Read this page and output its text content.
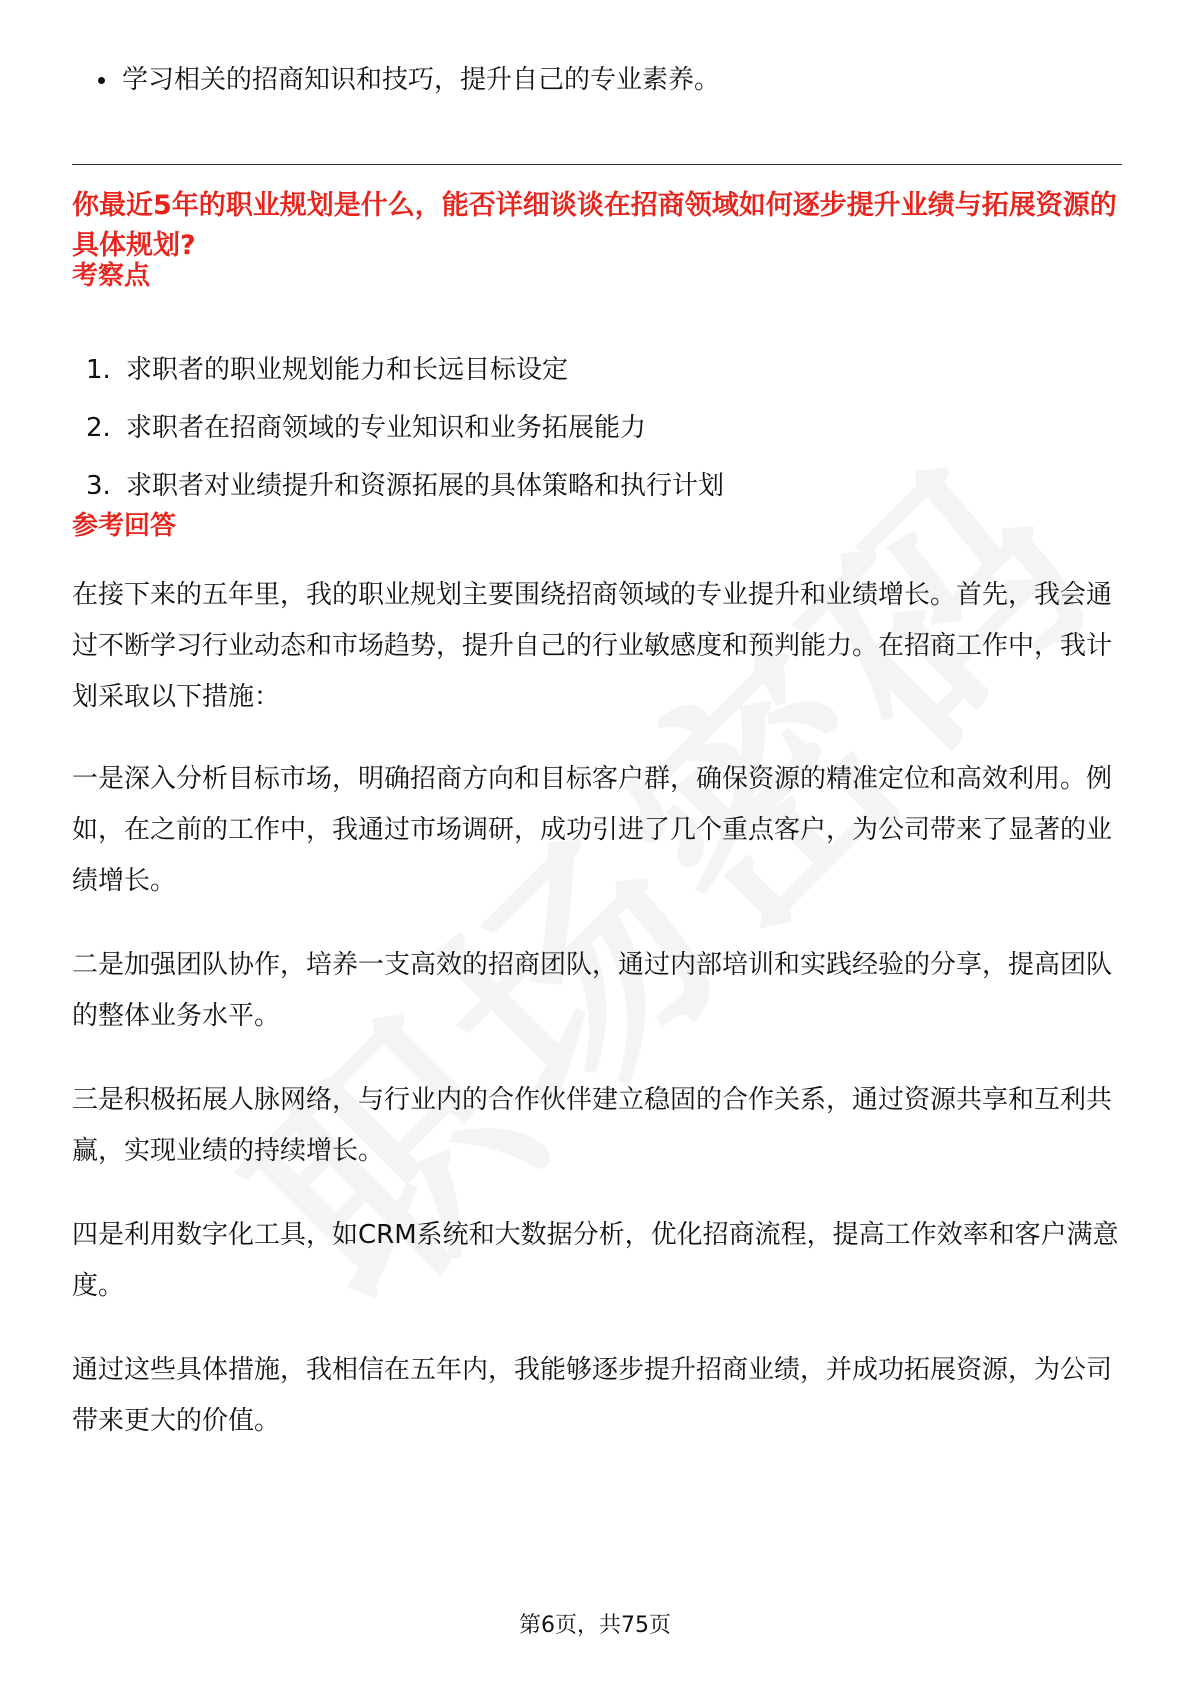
学习相关的招商知识和技巧，提升自己的专业素养。
你最近5年的职业规划是什么，能否详细谈谈在招商领域如何逐步提升业绩与拓展资源的具体规划?
考察点
1. 求职者的职业规划能力和长远目标设定
2. 求职者在招商领域的专业知识和业务拓展能力
3. 求职者对业绩提升和资源拓展的具体策略和执行计划
参考回答

在接下来的五年里，我的职业规划主要围绕招商领域的专业提升和业绩增长。首先，我会通过不断学习行业动态和市场趋势，提升自己的行业敏感度和预判能力。在招商工作中，我计划采取以下措施：

一是深入分析目标市场，明确招商方向和目标客户群，确保资源的精准定位和高效利用。例如，在之前的工作中，我通过市场调研，成功引进了几个重点客户，为公司带来了显著的业绩增长。

二是加强团队协作，培养一支高效的招商团队，通过内部培训和实践经验的分享，提高团队的整体业务水平。

三是积极拓展人脉网络，与行业内的合作伙伴建立稳固的合作关系，通过资源共享和互利共赢，实现业绩的持续增长。

四是利用数字化工具，如CRM系统和大数据分析，优化招商流程，提高工作效率和客户满意度。

通过这些具体措施，我相信在五年内，我能够逐步提升招商业绩，并成功拓展资源，为公司带来更大的价值。

第6页，共75页
